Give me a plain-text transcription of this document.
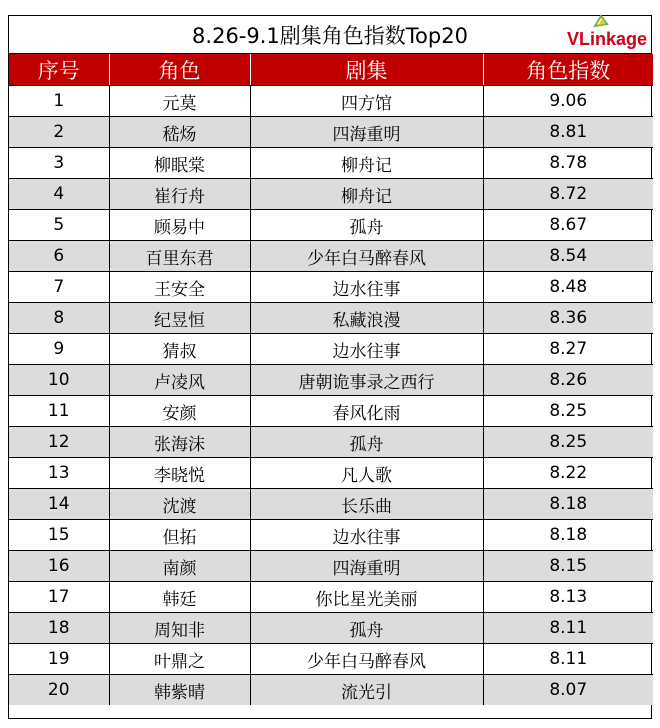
8.26-9.1剧集角色指数Top20	VLinkage
序号	角色	剧集	角色指数
1	元莫	四方馆	9.06
2	嵇炀	四海重明	8.81
3	柳眠棠	柳舟记	8.78
4	崔行舟	柳舟记	8.72
5	顾易中	孤舟	8.67
6	百里东君	少年白马醉春风	8.54
7	王安全	边水往事	8.48
8	纪昱恒	私藏浪漫	8.36
9	猜叔	边水往事	8.27
10	卢凌风	唐朝诡事录之西行	8.26
11	安颜	春风化雨	8.25
12	张海沫	孤舟	8.25
13	李晓悦	凡人歌	8.22
14	沈渡	长乐曲	8.18
15	但拓	边水往事	8.18
16	南颜	四海重明	8.15
17	韩廷	你比星光美丽	8.13
18	周知非	孤舟	8.11
19	叶鼎之	少年白马醉春风	8.11
20	韩紫晴	流光引	8.07
